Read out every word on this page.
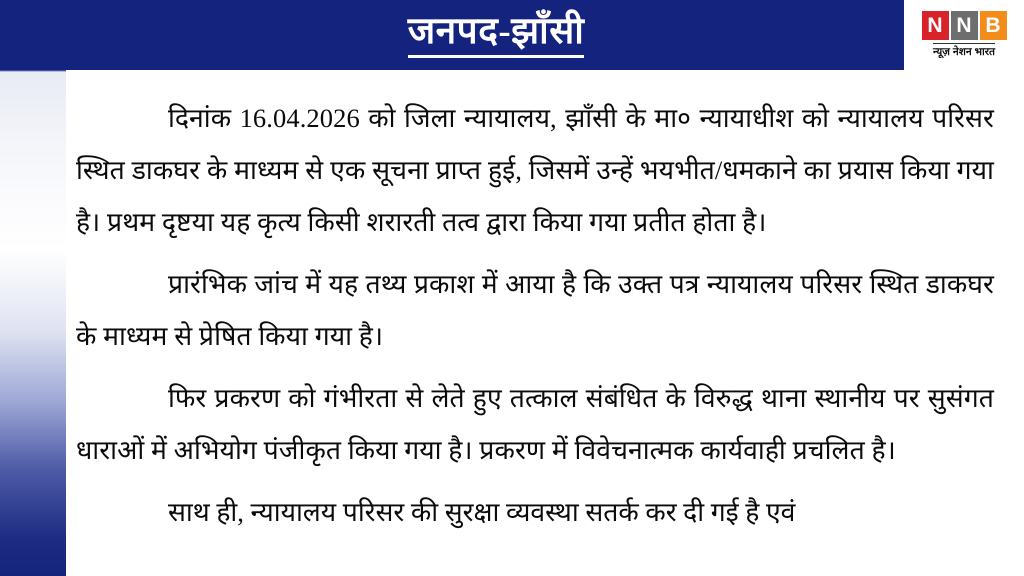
जनपद-झाँसी	N N B
न्यूज़ नेशन भारत

दिनांक 16.04.2026 को जिला न्यायालय, झाँसी के मा० न्यायाधीश को न्यायालय परिसर स्थित डाकघर के माध्यम से एक सूचना प्राप्त हुई, जिसमें उन्हें भयभीत/धमकाने का प्रयास किया गया है। प्रथम दृष्टया यह कृत्य किसी शरारती तत्व द्वारा किया गया प्रतीत होता है।

प्रारंभिक जांच में यह तथ्य प्रकाश में आया है कि उक्त पत्र न्यायालय परिसर स्थित डाकघर के माध्यम से प्रेषित किया गया है।

फिर प्रकरण को गंभीरता से लेते हुए तत्काल संबंधित के विरुद्ध थाना स्थानीय पर सुसंगत धाराओं में अभियोग पंजीकृत किया गया है। प्रकरण में विवेचनात्मक कार्यवाही प्रचलित है।

साथ ही, न्यायालय परिसर की सुरक्षा व्यवस्था सतर्क कर दी गई है एवं
